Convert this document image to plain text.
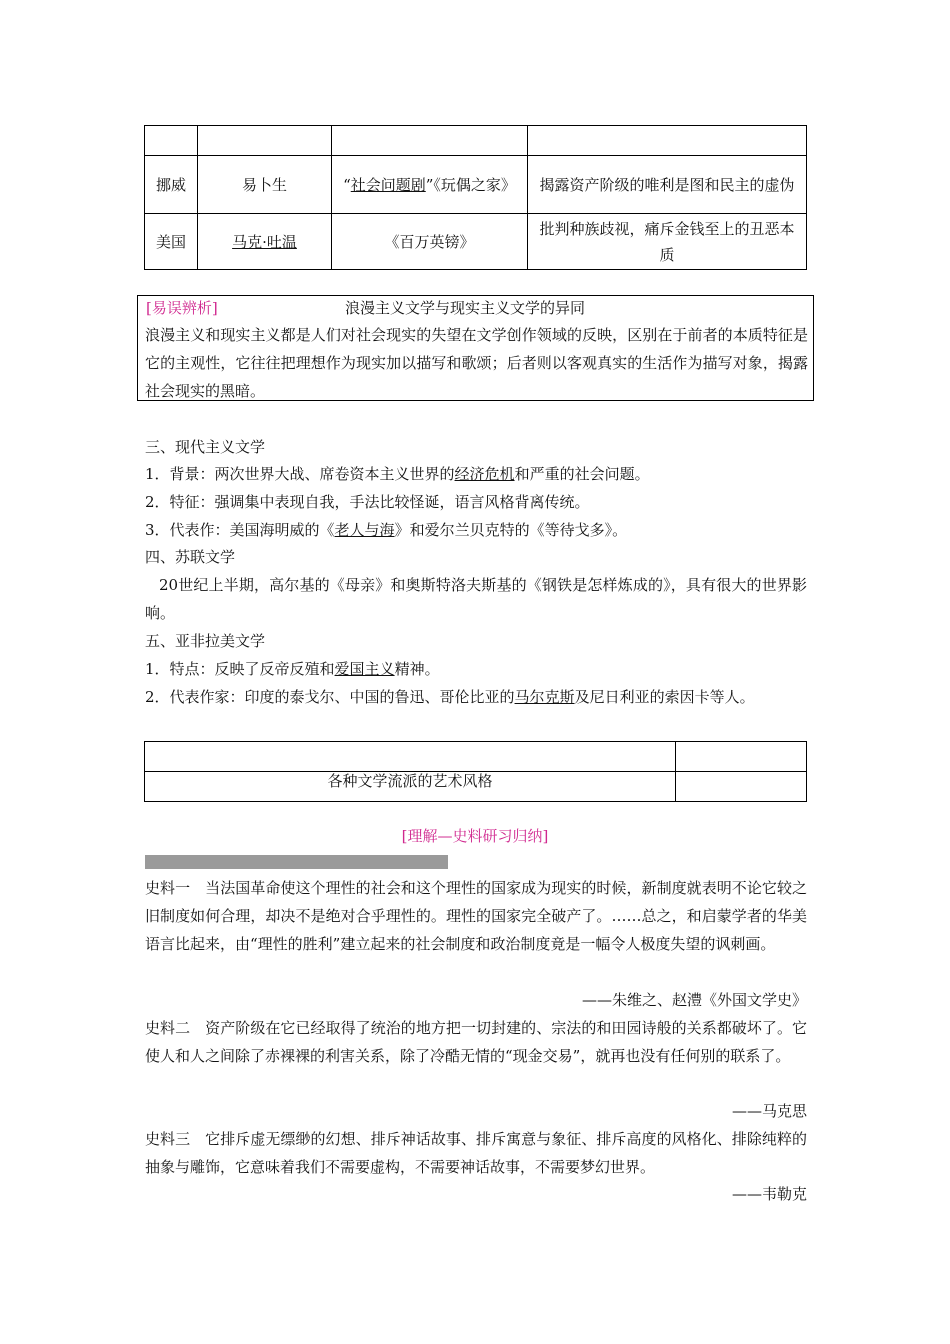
挪威	易卜生	“社会问题剧”《玩偶之家》	揭露资产阶级的唯利是图和民主的虚伪
美国	马克·吐温	《百万英镑》	批判种族歧视，痛斥金钱至上的丑恶本质
[易误辨析]	浪漫主义文学与现实主义文学的异同
浪漫主义和现实主义都是人们对社会现实的失望在文学创作领域的反映，区别在于前者的本质特征是它的主观性，它往往把理想作为现实加以描写和歌颂；后者则以客观真实的生活作为描写对象，揭露社会现实的黑暗。
三、现代主义文学
1．背景：两次世界大战、席卷资本主义世界的经济危机和严重的社会问题。
2．特征：强调集中表现自我，手法比较怪诞，语言风格背离传统。
3．代表作：美国海明威的《老人与海》和爱尔兰贝克特的《等待戈多》。
四、苏联文学
20世纪上半期，高尔基的《母亲》和奥斯特洛夫斯基的《钢铁是怎样炼成的》，具有很大的世界影响。
五、亚非拉美文学
1．特点：反映了反帝反殖和爱国主义精神。
2．代表作家：印度的泰戈尔、中国的鲁迅、哥伦比亚的马尔克斯及尼日利亚的索因卡等人。

各种文学流派的艺术风格	
[理解—史料研习归纳]
史料一　当法国革命使这个理性的社会和这个理性的国家成为现实的时候，新制度就表明不论它较之旧制度如何合理，却决不是绝对合乎理性的。理性的国家完全破产了。……总之，和启蒙学者的华美语言比起来，由“理性的胜利”建立起来的社会制度和政治制度竟是一幅令人极度失望的讽刺画。
——朱维之、赵澧《外国文学史》
史料二　资产阶级在它已经取得了统治的地方把一切封建的、宗法的和田园诗般的关系都破坏了。它使人和人之间除了赤裸裸的利害关系，除了冷酷无情的“现金交易”，就再也没有任何别的联系了。
——马克思
史料三　它排斥虚无缥缈的幻想、排斥神话故事、排斥寓意与象征、排斥高度的风格化、排除纯粹的抽象与雕饰，它意味着我们不需要虚构，不需要神话故事，不需要梦幻世界。
——韦勒克
